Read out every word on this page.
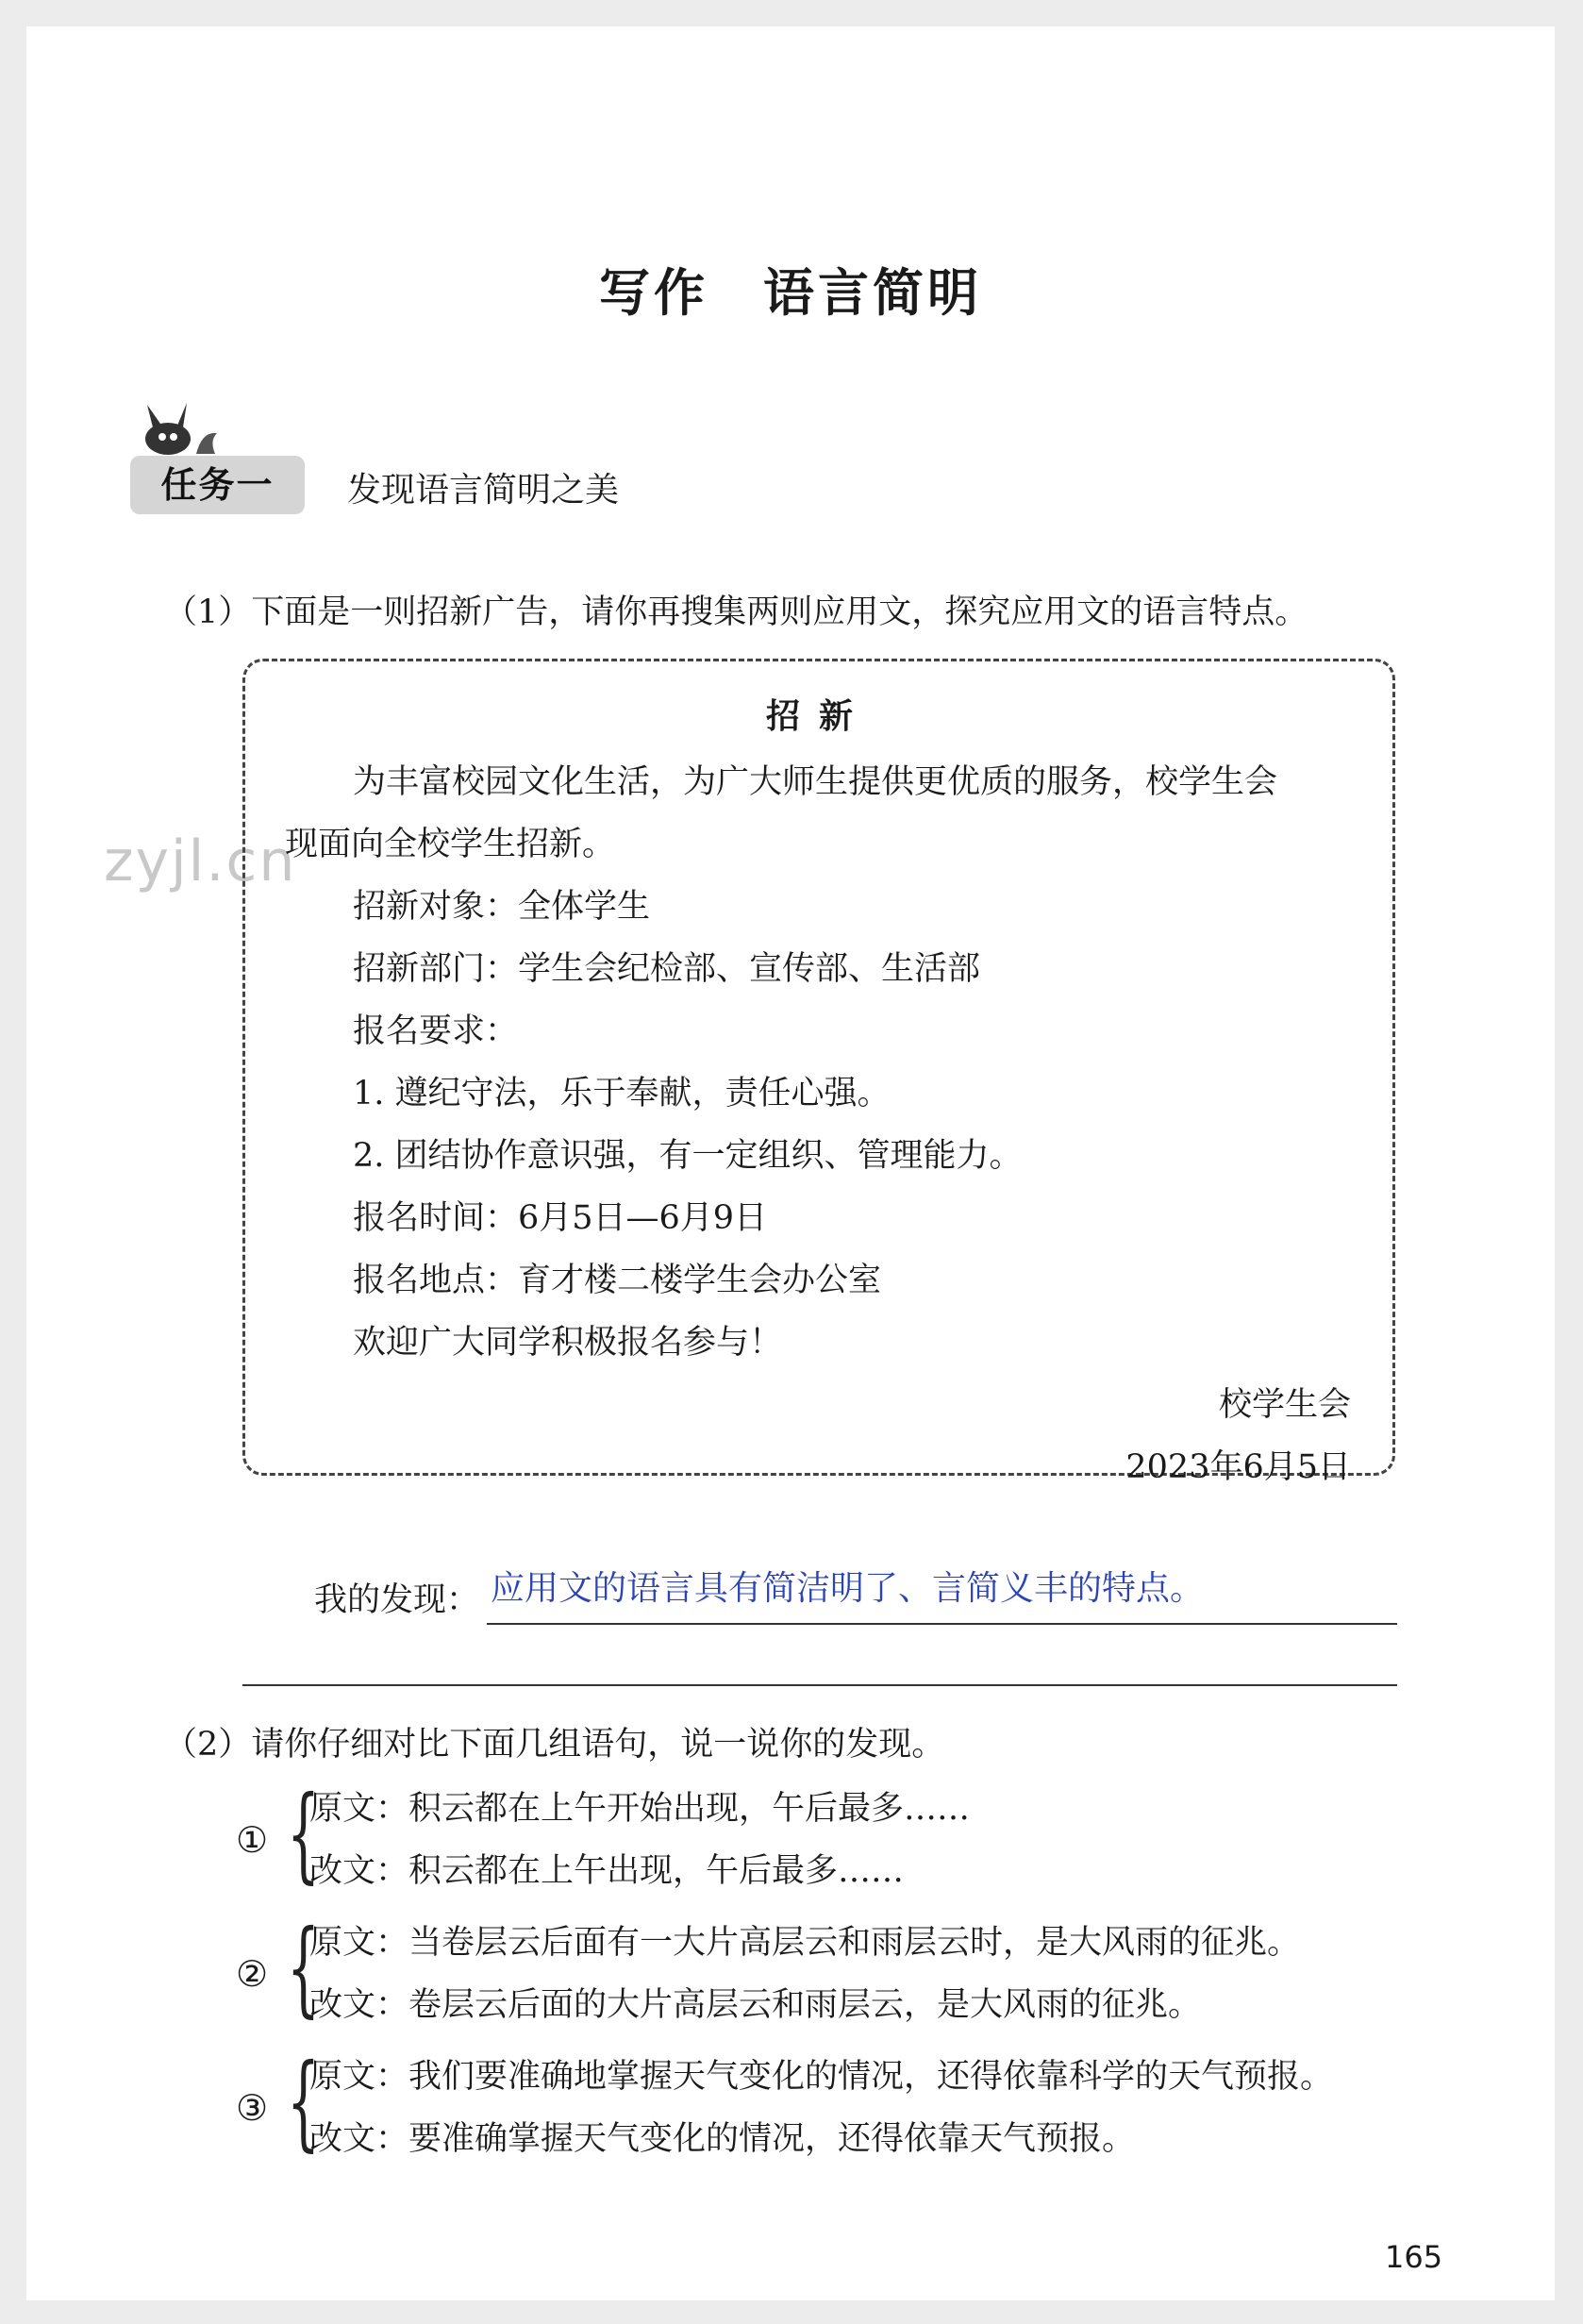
写作　语言简明
任务一	发现语言简明之美
（1）下面是一则招新广告，请你再搜集两则应用文，探究应用文的语言特点。
zyjl.cn
招新
为丰富校园文化生活，为广大师生提供更优质的服务，校学生会
现面向全校学生招新。
招新对象：全体学生
招新部门：学生会纪检部、宣传部、生活部
报名要求：
1. 遵纪守法，乐于奉献，责任心强。
2. 团结协作意识强，有一定组织、管理能力。
报名时间：6月5日—6月9日
报名地点：育才楼二楼学生会办公室
欢迎广大同学积极报名参与！
校学生会
2023年6月5日
我的发现： 应用文的语言具有简洁明了、言简义丰的特点。
（2）请你仔细对比下面几组语句，说一说你的发现。
① {
原文：积云都在上午开始出现，午后最多……
改文：积云都在上午出现，午后最多……
② {
原文：当卷层云后面有一大片高层云和雨层云时，是大风雨的征兆。
改文：卷层云后面的大片高层云和雨层云，是大风雨的征兆。
③ {
原文：我们要准确地掌握天气变化的情况，还得依靠科学的天气预报。
改文：要准确掌握天气变化的情况，还得依靠天气预报。
165
